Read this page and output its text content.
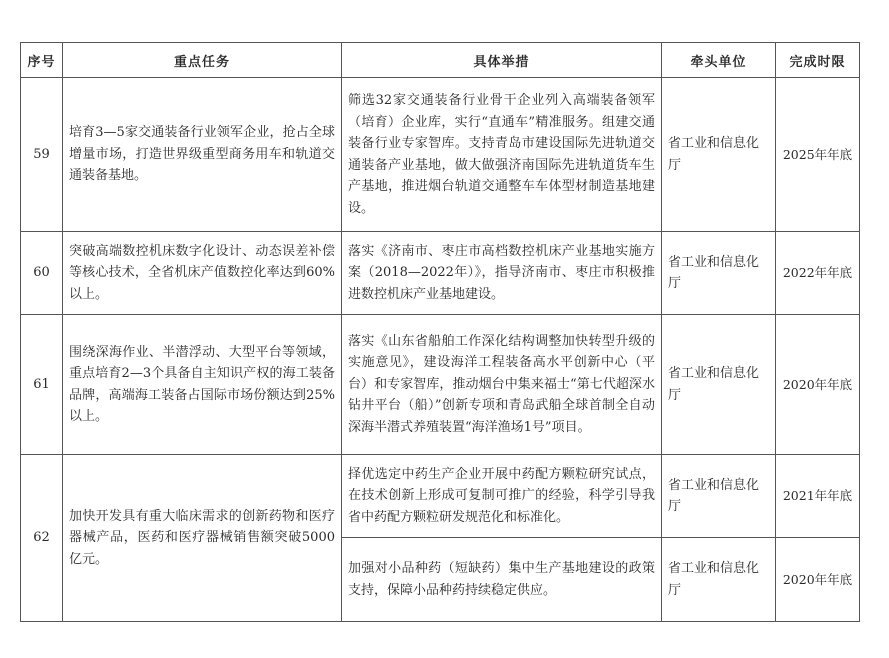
序号	重点任务	具体举措	牵头单位	完成时限
59	培育3—5家交通装备行业领军企业，抢占全球增量市场，打造世界级重型商务用车和轨道交通装备基地。	筛选32家交通装备行业骨干企业列入高端装备领军（培育）企业库，实行“直通车”精准服务。组建交通装备行业专家智库。支持青岛市建设国际先进轨道交通装备产业基地，做大做强济南国际先进轨道货车生产基地，推进烟台轨道交通整车车体型材制造基地建设。	省工业和信息化厅	2025年年底
60	突破高端数控机床数字化设计、动态误差补偿等核心技术，全省机床产值数控化率达到60%以上。	落实《济南市、枣庄市高档数控机床产业基地实施方案（2018—2022年）》，指导济南市、枣庄市积极推进数控机床产业基地建设。	省工业和信息化厅	2022年年底
61	围绕深海作业、半潜浮动、大型平台等领域，重点培育2—3个具备自主知识产权的海工装备品牌，高端海工装备占国际市场份额达到25%以上。	落实《山东省船舶工作深化结构调整加快转型升级的实施意见》，建设海洋工程装备高水平创新中心（平台）和专家智库，推动烟台中集来福士“第七代超深水钻井平台（船）”创新专项和青岛武船全球首制全自动深海半潜式养殖装置“海洋渔场1号”项目。	省工业和信息化厅	2020年年底
62	加快开发具有重大临床需求的创新药物和医疗器械产品，医药和医疗器械销售额突破5000亿元。	择优选定中药生产企业开展中药配方颗粒研究试点，在技术创新上形成可复制可推广的经验，科学引导我省中药配方颗粒研发规范化和标准化。	省工业和信息化厅	2021年年底
		加强对小品种药（短缺药）集中生产基地建设的政策支持，保障小品种药持续稳定供应。	省工业和信息化厅	2020年年底
